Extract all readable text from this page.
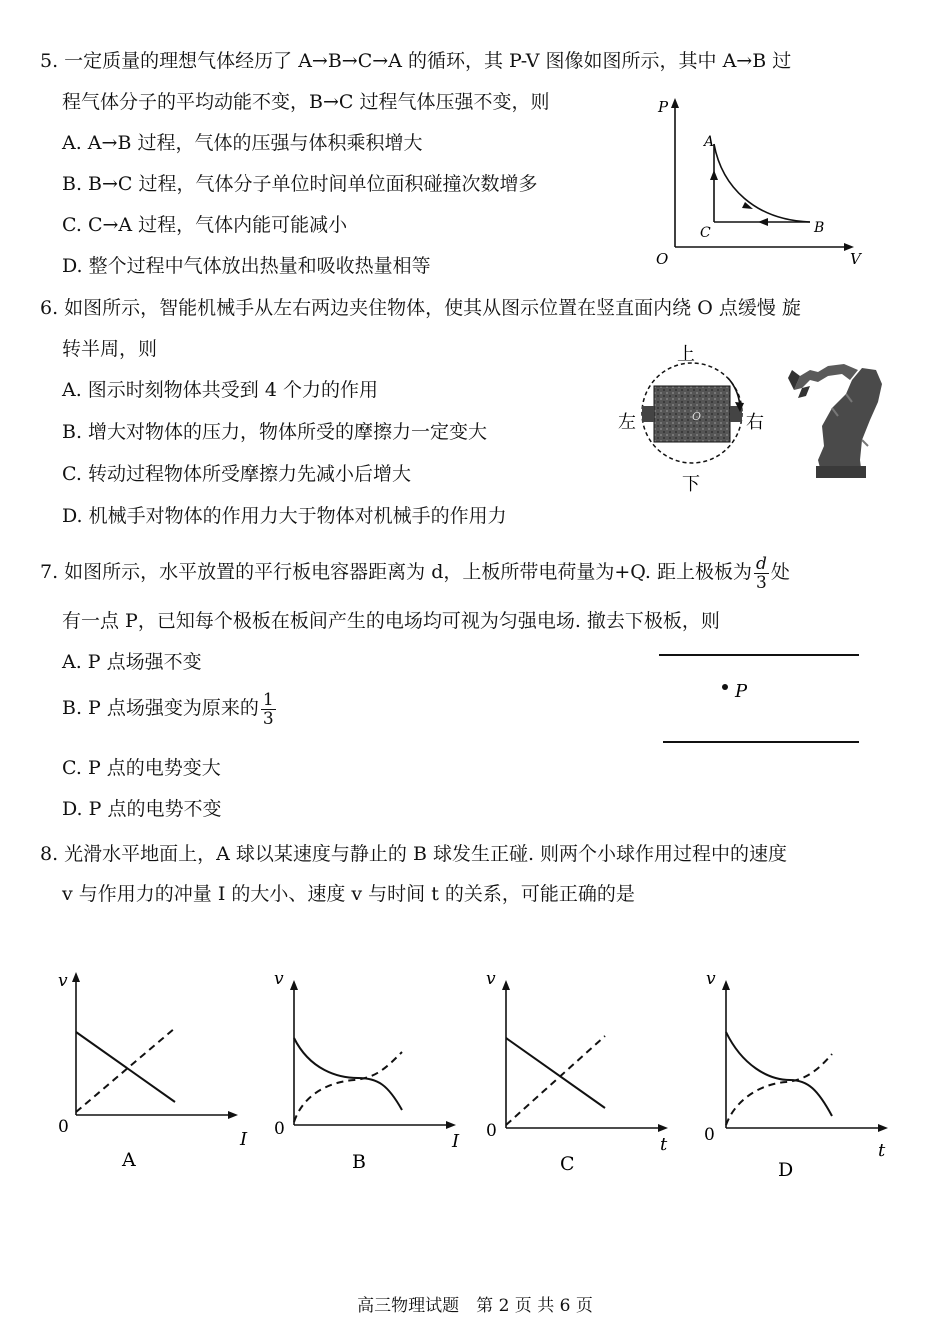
5. 一定质量的理想气体经历了 A→B→C→A 的循环，其 P-V 图像如图所示，其中 A→B 过
程气体分子的平均动能不变，B→C 过程气体压强不变，则
A. A→B 过程，气体的压强与体积乘积增大
B. B→C 过程，气体分子单位时间单位面积碰撞次数增多
C. C→A 过程，气体内能可能减小
D. 整个过程中气体放出热量和吸收热量相等
P
V
O
A
B
C
6. 如图所示，智能机械手从左右两边夹住物体，使其从图示位置在竖直面内绕 O 点缓慢 旋
转半周，则
A. 图示时刻物体共受到 4 个力的作用
B. 增大对物体的压力，物体所受的摩擦力一定变大
C. 转动过程物体所受摩擦力先减小后增大
D. 机械手对物体的作用力大于物体对机械手的作用力
O
上
下
左	右
7. 如图所示，水平放置的平行板电容器距离为 d，上板所带电荷量为+Q. 距上极板为 $\frac{d}{3}$ 处
有一点 P，已知每个极板在板间产生的电场均可视为匀强电场. 撤去下极板，则
A. P 点场强不变
B. P 点场强变为原来的 $\frac{1}{3}$
C. P 点的电势变大
D. P 点的电势不变
P
8. 光滑水平地面上，A 球以某速度与静止的 B 球发生正碰. 则两个小球作用过程中的速度
v 与作用力的冲量 I 的大小、速度 v 与时间 t 的关系，可能正确的是
v
I
0
A
v
I
0
B
v
t
0
C
v
t
0
D
高三物理试题　第 2 页 共 6 页
